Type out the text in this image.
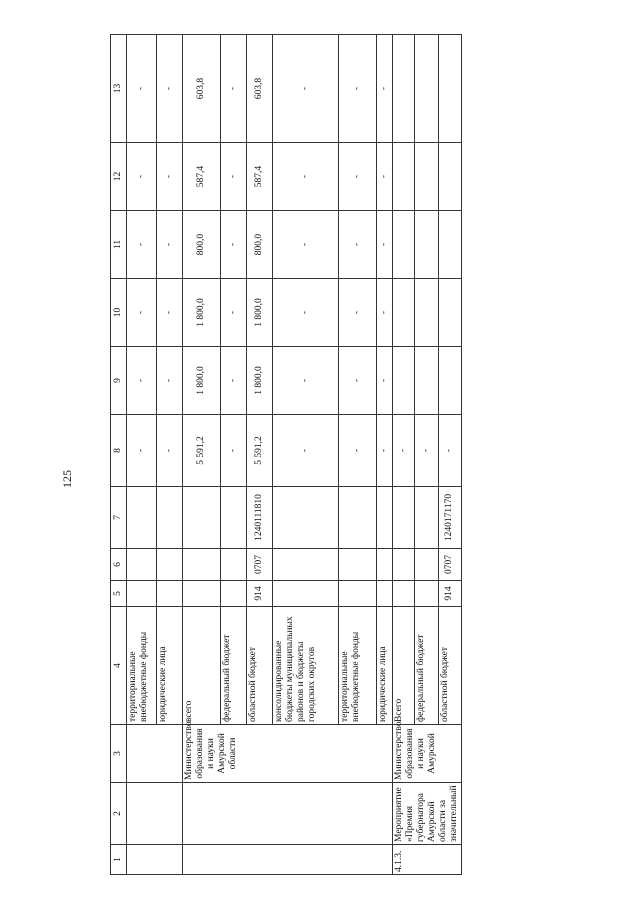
125
1	2	3	4	5	6	7	8	9	10	11	12	13
			территориальные внебюджетные фонды				-	-	-	-	-	-
			юридические лица				-	-	-	-	-	-
		Министерство образования и науки Амурской области	всего				5 591,2	1 800,0	1 800,0	800,0	587,4	603,8
			федеральный бюджет				-	-	-	-	-	-
			областной бюджет	914	0707	1240111810	5 591,2	1 800,0	1 800,0	800,0	587,4	603,8
			консолидированные бюджеты муниципальных районов и бюджеты городских округов				-	-	-	-	-	-
			территориальные внебюджетные фонды				-	-	-	-	-	-
			юридические лица				-	-	-	-	-	-
4.1.3.	Мероприятие «Премия губернатора Амурской области за значительный	Министерство образования и науки Амурской	Всего				-					
			федеральный бюджет				-					
			областной бюджет	914	0707	1240171170	-					
